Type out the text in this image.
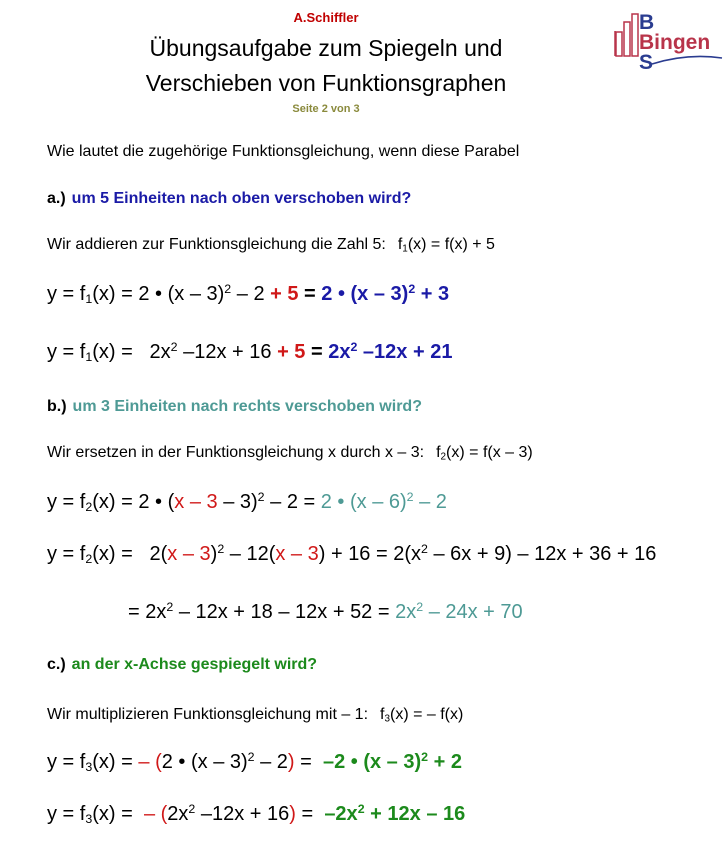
A.Schiffler
Übungsaufgabe zum Spiegeln und
Verschieben von Funktionsgraphen
Seite 2 von 3
B
Bingen
S
Wie lautet die zugehörige Funktionsgleichung, wenn diese Parabel
a.) um 5 Einheiten nach oben verschoben wird?
Wir addieren zur Funktionsgleichung die Zahl 5: $f_1(x) = f(x) + 5$
$y = f_1(x) = 2$ • (x – 3)$^2$ – 2 + 5 = 2 • (x – 3)$^2$ + 3
$y = f_1(x) = 2x^2$ $-12x + 16 + 5 = 2x^2$ –12x + 21
b.) um 3 Einheiten nach rechts verschoben wird?
Wir ersetzen in der Funktionsgleichung x durch x – 3: $f_2(x) = f(x - 3)$
$y = f_2(x) = 2$ • (x – 3 – 3)$^2$ – 2 = 2 • (x – 6)$^2$ – 2
$y = f_2(x) = 2(x - 3)^2 - 12(x - 3) + 16 = 2(x^2 - 6x + 9) - 12x + 36 + 16$
= $2x^2 - 12x + 18 - 12x + 52 = 2x^2 - 24x + 70$
c.) an der x-Achse gespiegelt wird?
Wir multiplizieren Funktionsgleichung mit – 1: $f_3(x)$ = – f(x)
$y = f_3(x)$ = – (2 • (x – 3)$^2$ – 2) =  –2 • (x – 3)$^2$ + 2
$y = f_3(x)$ =  – ($2x^2$ $-12x + 16) = -2x^2 + 12x - 16$
